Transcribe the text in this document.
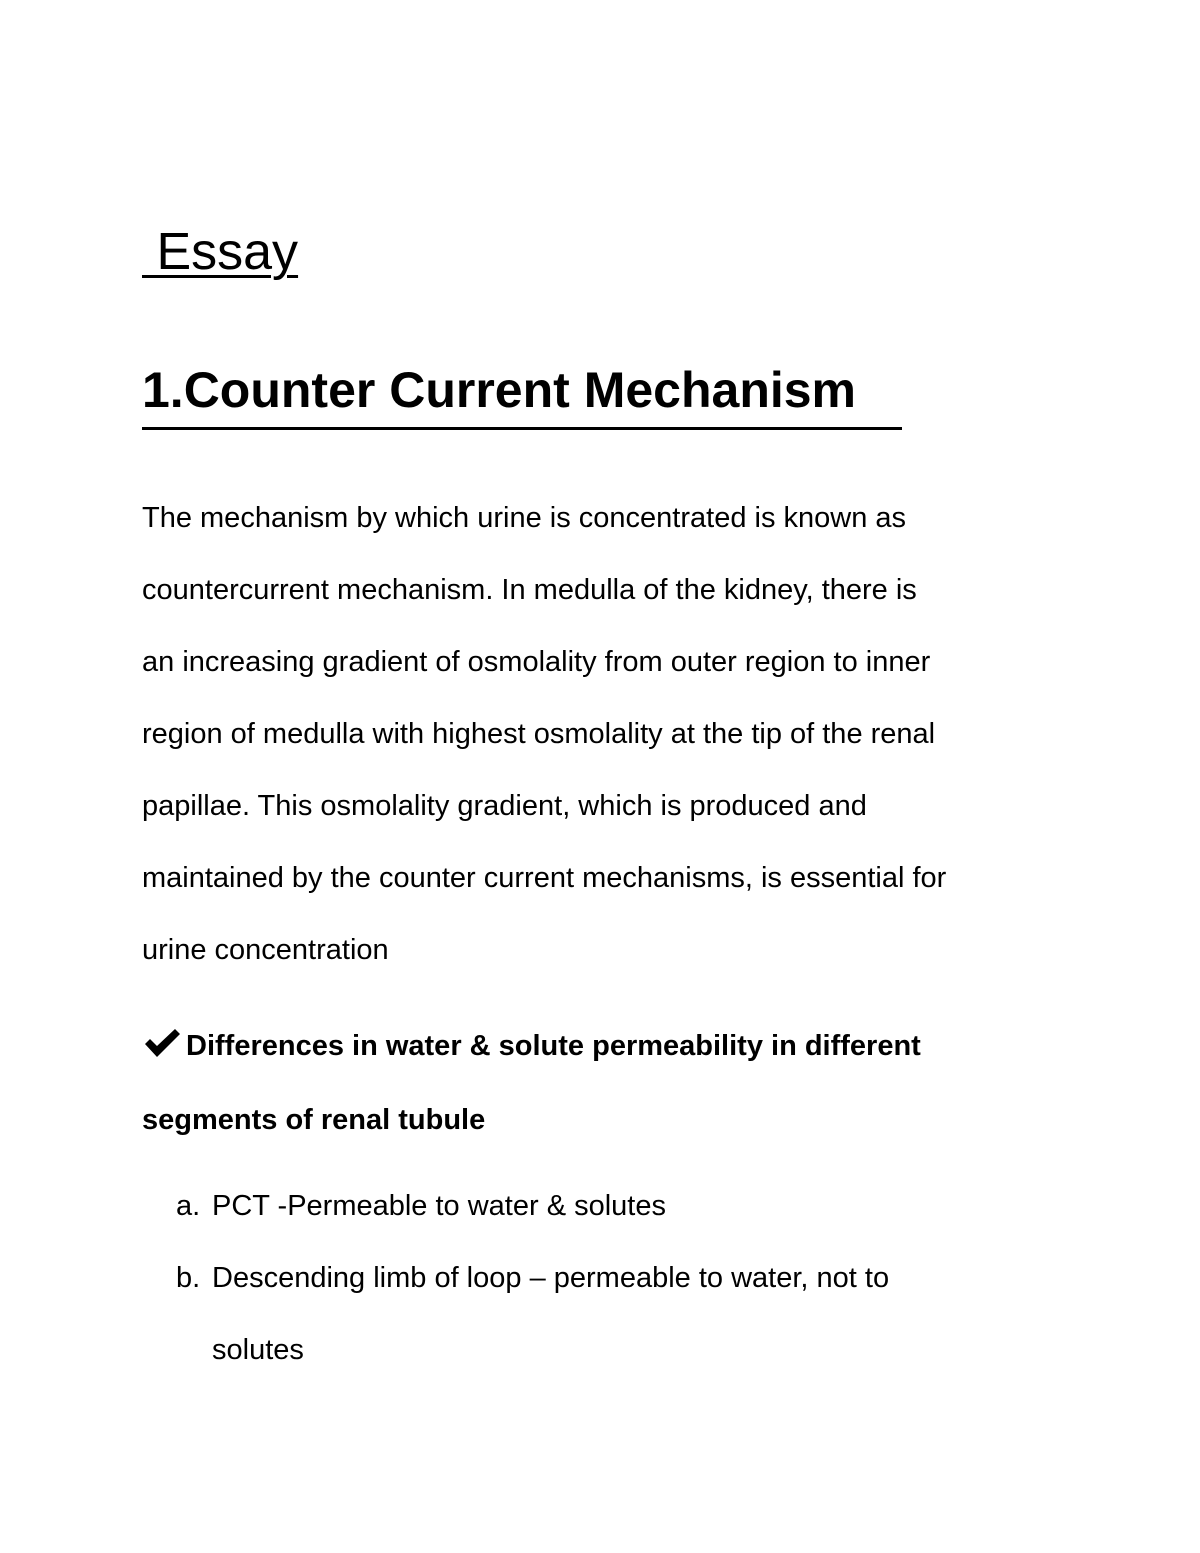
Essay
1.Counter Current Mechanism
The mechanism by which urine is concentrated is known as
countercurrent mechanism. In medulla of the kidney, there is
an increasing gradient of osmolality from outer region to inner
region of medulla with highest osmolality at the tip of the renal
papillae. This osmolality gradient, which is produced and
maintained by the counter current mechanisms, is essential for
urine concentration
Differences in water & solute permeability in different
segments of renal tubule
a. PCT -Permeable to water & solutes
b. Descending limb of loop – permeable to water, not to
solutes
